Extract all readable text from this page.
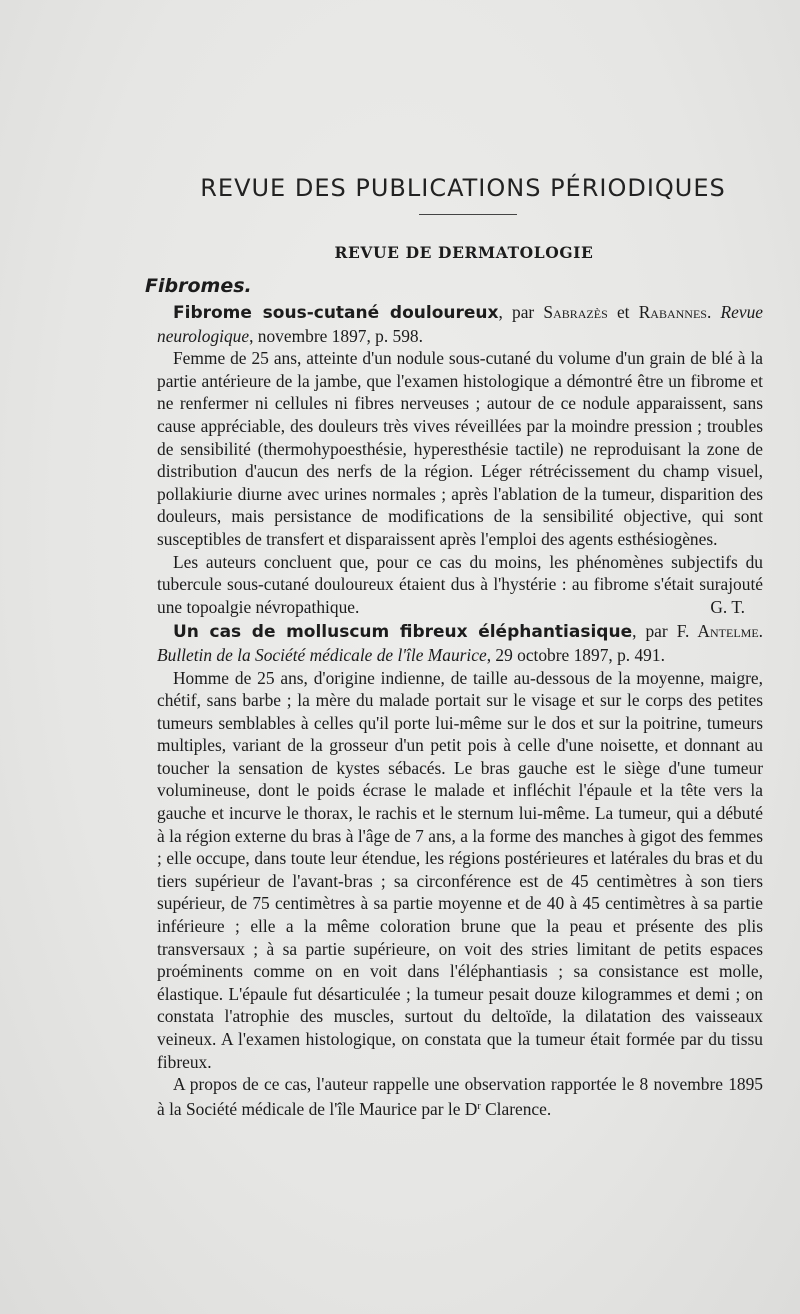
REVUE DES PUBLICATIONS PÉRIODIQUES
REVUE DE DERMATOLOGIE
Fibromes.

Fibrome sous-cutané douloureux, par Sabrazès et Rabannes. Revue neurologique, novembre 1897, p. 598.

Femme de 25 ans, atteinte d'un nodule sous-cutané du volume d'un grain de blé à la partie antérieure de la jambe, que l'examen histologique a démontré être un fibrome et ne renfermer ni cellules ni fibres nerveuses ; autour de ce nodule apparaissent, sans cause appréciable, des douleurs très vives réveillées par la moindre pression ; troubles de sensibilité (thermohypoesthésie, hyperesthésie tactile) ne reproduisant la zone de distribution d'aucun des nerfs de la région. Léger rétrécissement du champ visuel, pollakiurie diurne avec urines normales ; après l'ablation de la tumeur, disparition des douleurs, mais persistance de modifications de la sensibilité objective, qui sont susceptibles de transfert et disparaissent après l'emploi des agents esthésiogènes.

Les auteurs concluent que, pour ce cas du moins, les phénomènes subjectifs du tubercule sous-cutané douloureux étaient dus à l'hystérie : au fibrome s'était surajouté une topoalgie névropathique.	G. T.

Un cas de molluscum fibreux éléphantiasique, par F. Antelme. Bulletin de la Société médicale de l'île Maurice, 29 octobre 1897, p. 491.

Homme de 25 ans, d'origine indienne, de taille au-dessous de la moyenne, maigre, chétif, sans barbe ; la mère du malade portait sur le visage et sur le corps des petites tumeurs semblables à celles qu'il porte lui-même sur le dos et sur la poitrine, tumeurs multiples, variant de la grosseur d'un petit pois à celle d'une noisette, et donnant au toucher la sensation de kystes sébacés. Le bras gauche est le siège d'une tumeur volumineuse, dont le poids écrase le malade et infléchit l'épaule et la tête vers la gauche et incurve le thorax, le rachis et le sternum lui-même. La tumeur, qui a débuté à la région externe du bras à l'âge de 7 ans, a la forme des manches à gigot des femmes ; elle occupe, dans toute leur étendue, les régions postérieures et latérales du bras et du tiers supérieur de l'avant-bras ; sa circonférence est de 45 centimètres à son tiers supérieur, de 75 centimètres à sa partie moyenne et de 40 à 45 centimètres à sa partie inférieure ; elle a la même coloration brune que la peau et présente des plis transversaux ; à sa partie supérieure, on voit des stries limitant de petits espaces proéminents comme on en voit dans l'éléphantiasis ; sa consistance est molle, élastique. L'épaule fut désarticulée ; la tumeur pesait douze kilogrammes et demi ; on constata l'atrophie des muscles, surtout du deltoïde, la dilatation des vaisseaux veineux. A l'examen histologique, on constata que la tumeur était formée par du tissu fibreux.

A propos de ce cas, l'auteur rappelle une observation rapportée le 8 novembre 1895 à la Société médicale de l'île Maurice par le $D^r$ Clarence.
